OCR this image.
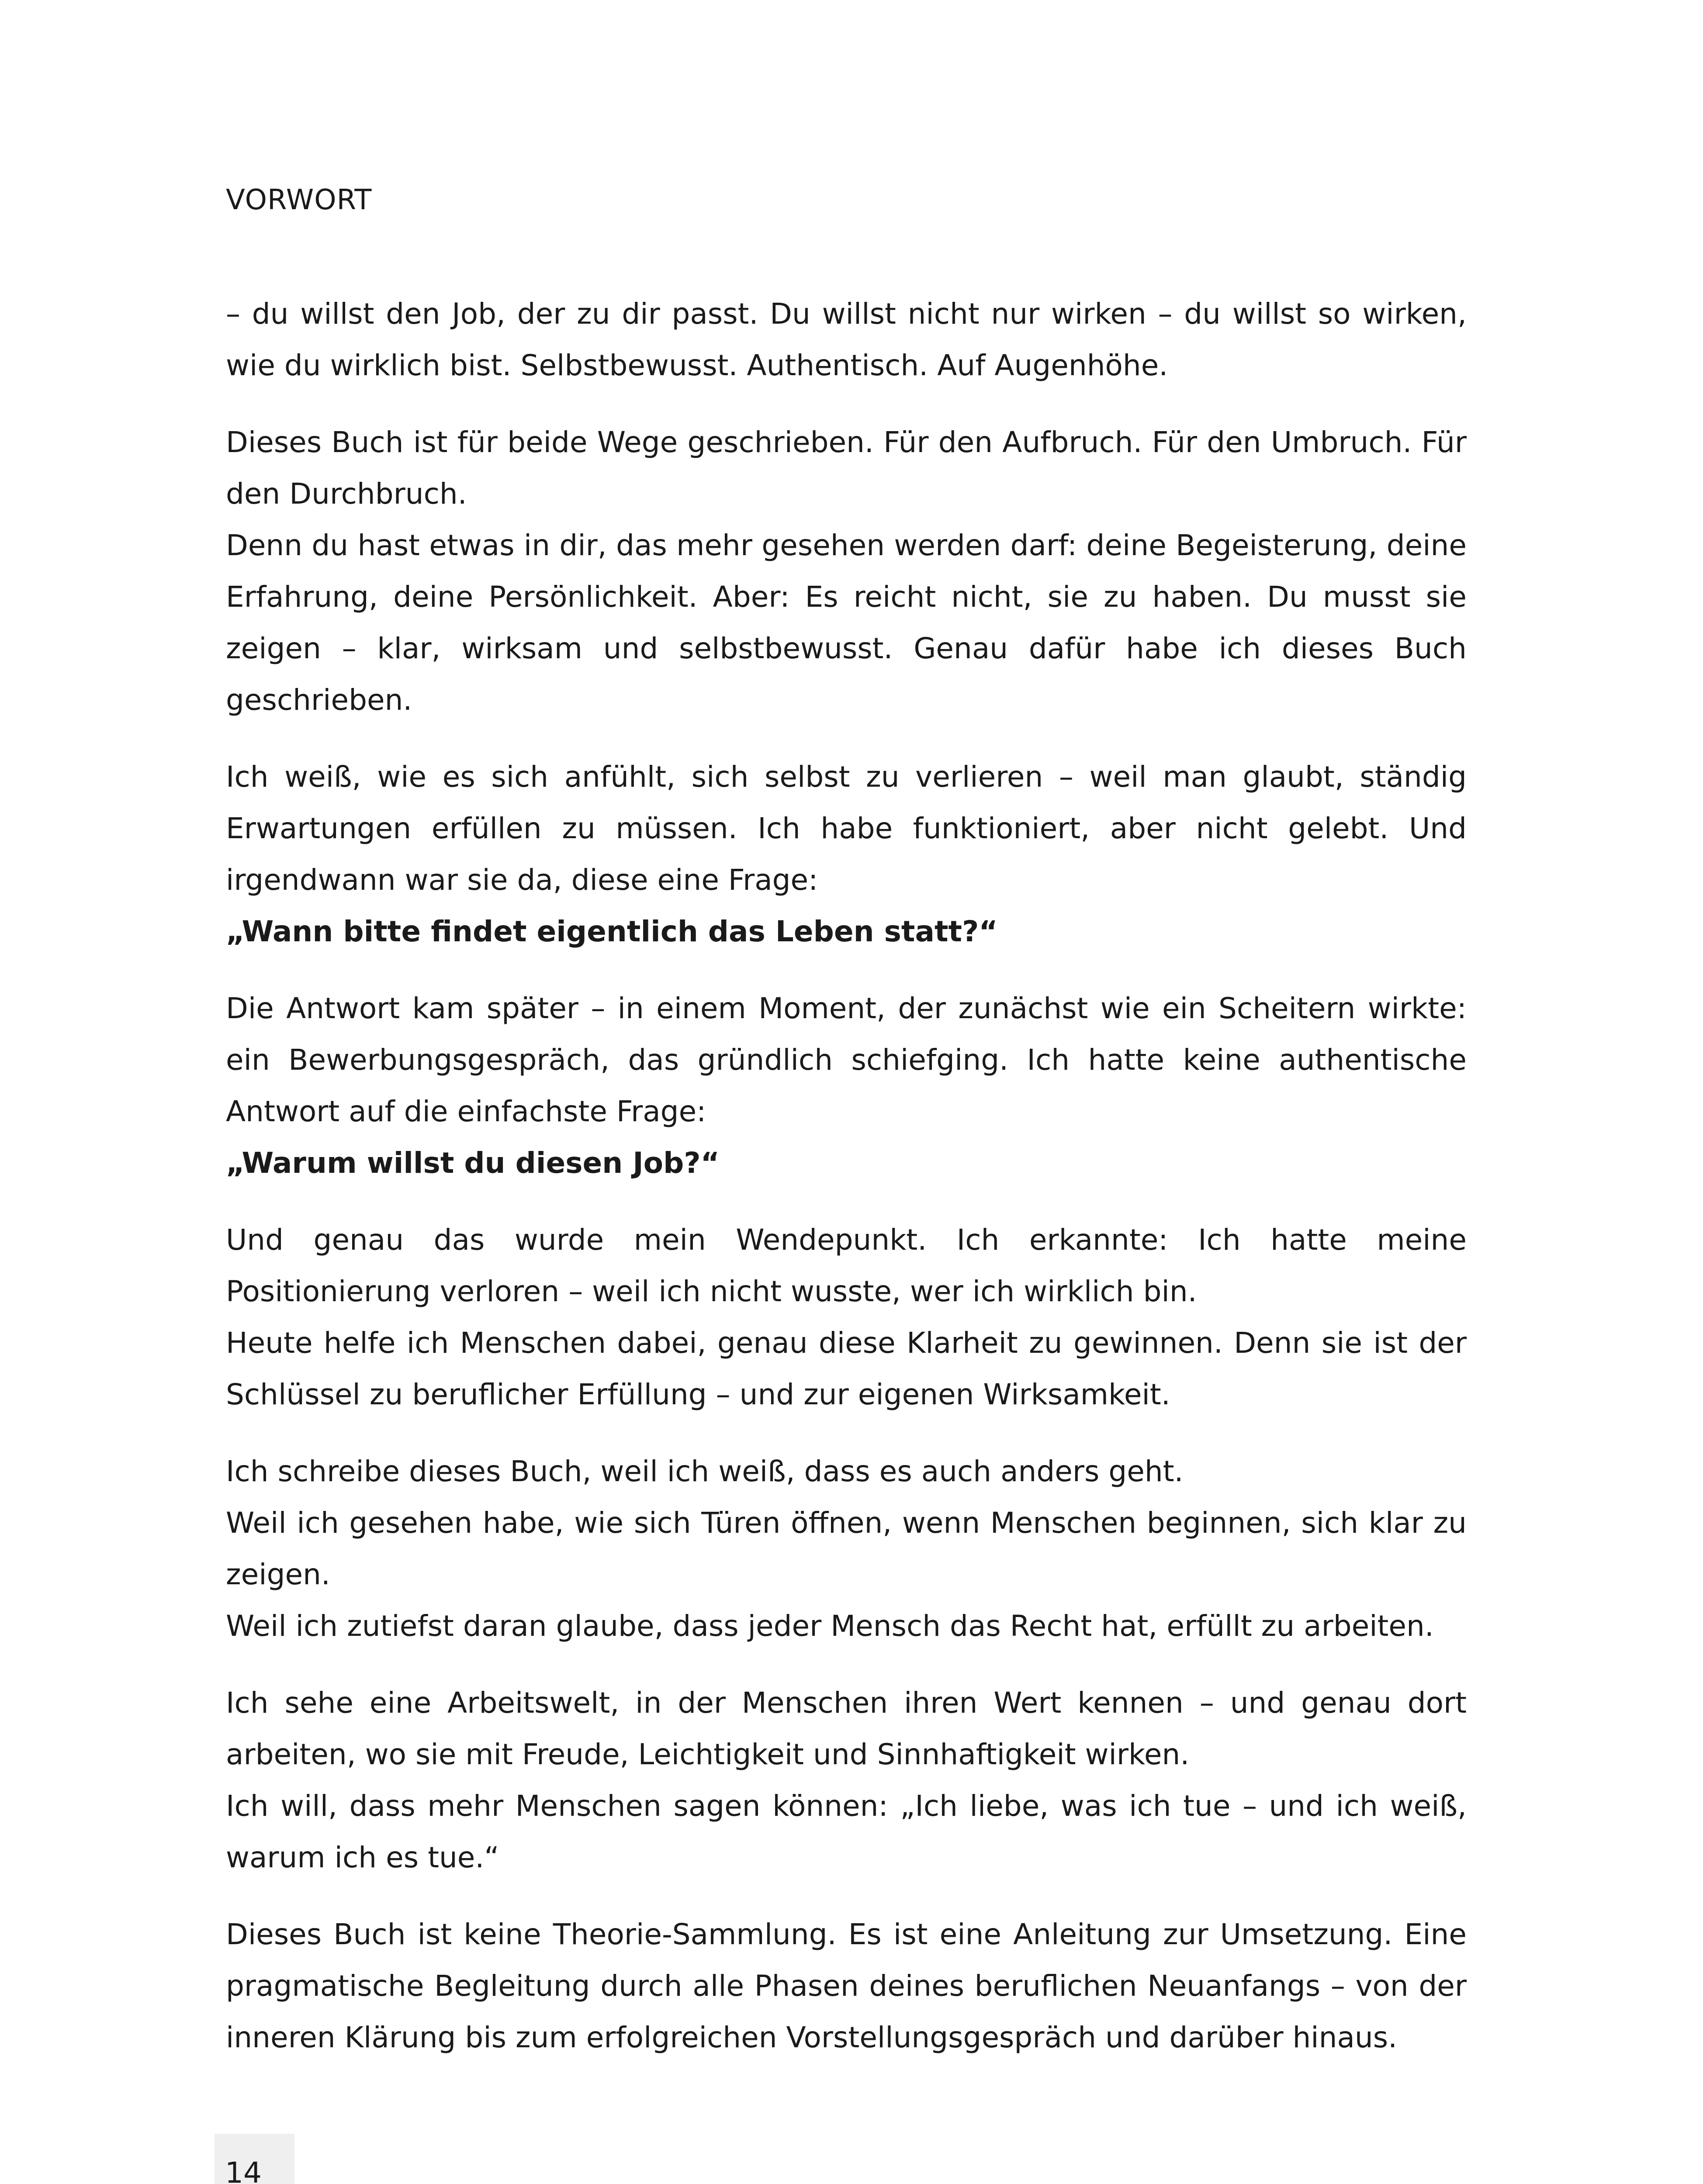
VORWORT

– du willst den Job, der zu dir passt. Du willst nicht nur wirken – du willst so wirken, wie du wirklich bist. Selbstbewusst. Authentisch. Auf Augenhöhe.

Dieses Buch ist für beide Wege geschrieben. Für den Aufbruch. Für den Umbruch. Für den Durchbruch.
Denn du hast etwas in dir, das mehr gesehen werden darf: deine Begeisterung, deine Erfahrung, deine Persönlichkeit. Aber: Es reicht nicht, sie zu haben. Du musst sie zeigen – klar, wirksam und selbstbewusst. Genau dafür habe ich dieses Buch geschrieben.

Ich weiß, wie es sich anfühlt, sich selbst zu verlieren – weil man glaubt, ständig Erwartungen erfüllen zu müssen. Ich habe funktioniert, aber nicht gelebt. Und irgendwann war sie da, diese eine Frage:
„Wann bitte findet eigentlich das Leben statt?“

Die Antwort kam später – in einem Moment, der zunächst wie ein Scheitern wirkte: ein Bewerbungsgespräch, das gründlich schiefging. Ich hatte keine authentische Antwort auf die einfachste Frage:
„Warum willst du diesen Job?“

Und genau das wurde mein Wendepunkt. Ich erkannte: Ich hatte meine Positionierung verloren – weil ich nicht wusste, wer ich wirklich bin.
Heute helfe ich Menschen dabei, genau diese Klarheit zu gewinnen. Denn sie ist der Schlüssel zu beruflicher Erfüllung – und zur eigenen Wirksamkeit.

Ich schreibe dieses Buch, weil ich weiß, dass es auch anders geht.
Weil ich gesehen habe, wie sich Türen öffnen, wenn Menschen beginnen, sich klar zu zeigen.
Weil ich zutiefst daran glaube, dass jeder Mensch das Recht hat, erfüllt zu arbeiten.

Ich sehe eine Arbeitswelt, in der Menschen ihren Wert kennen – und genau dort arbeiten, wo sie mit Freude, Leichtigkeit und Sinnhaftigkeit wirken.
Ich will, dass mehr Menschen sagen können: „Ich liebe, was ich tue – und ich weiß, warum ich es tue.“

Dieses Buch ist keine Theorie-Sammlung. Es ist eine Anleitung zur Umsetzung. Eine pragmatische Begleitung durch alle Phasen deines beruflichen Neuanfangs – von der inneren Klärung bis zum erfolgreichen Vorstellungsgespräch und darüber hinaus.

14
